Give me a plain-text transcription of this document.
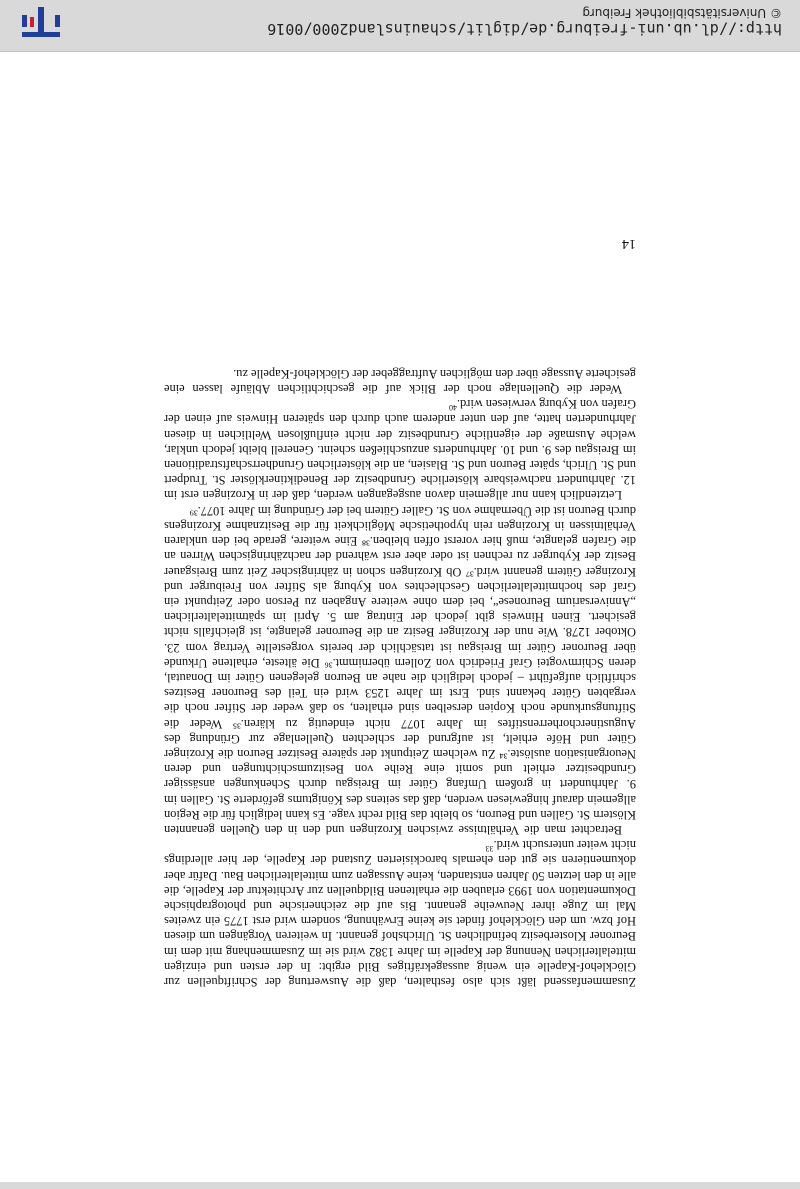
Zusammenfassend läßt sich also festhalten, daß die Auswertung der Schriftquellen zur Glöcklehof-Kapelle ein wenig aussagekräftiges Bild ergibt: In der ersten und einzigen mittelalterlichen Nennung der Kapelle im Jahre 1382 wird sie im Zusammenhang mit dem im Beuroner Klosterbesitz befindlichen St. Ulrichshof genannt. In weiteren Vorgängen um diesen Hof bzw. um den Glöcklehof findet sie keine Erwähnung, sondern wird erst 1775 ein zweites Mal im Zuge ihrer Neuweihe genannt. Bis auf die zeichnerische und photographische Dokumentation von 1993 erlauben die erhaltenen Bildquellen zur Architektur der Kapelle, die alle in den letzten 50 Jahren entstanden, keine Aussagen zum mittelalterlichen Bau. Dafür aber dokumentieren sie gut den ehemals barockisierten Zustand der Kapelle, der hier allerdings nicht weiter untersucht wird.$^{33}$

Betrachtet man die Verhältnisse zwischen Krozingen und den in den Quellen genannten Klöstern St. Gallen und Beuron, so bleibt das Bild recht vage. Es kann lediglich für die Region allgemein darauf hingewiesen werden, daß das seitens des Königtums geförderte St. Gallen im 9. Jahrhundert in großem Umfang Güter im Breisgau durch Schenkungen ansässiger Grundbesitzer erhielt und somit eine Reihe von Besitzumschichtungen und deren Neuorganisation auslöste.³⁴ Zu welchem Zeitpunkt der spätere Besitzer Beuron die Krozinger Güter und Höfe erhielt, ist aufgrund der schlechten Quellenlage zur Gründung des Augustinerchorherrenstiftes im Jahre 1077 nicht eindeutig zu klären.³⁵ Weder die Stiftungsurkunde noch Kopien derselben sind erhalten, so daß weder der Stifter noch die vergabten Güter bekannt sind. Erst im Jahre 1253 wird ein Teil des Beuroner Besitzes schriftlich aufgeführt – jedoch lediglich die nahe an Beuron gelegenen Güter im Donautal, deren Schirmvogtei Graf Friedrich von Zollern übernimmt.³⁶ Die älteste, erhaltene Urkunde über Beuroner Güter im Breisgau ist tatsächlich der bereits vorgestellte Vertrag vom 23. Oktober 1278. Wie nun der Krozinger Besitz an die Beuroner gelangte, ist gleichfalls nicht gesichert. Einen Hinweis gibt jedoch der Eintrag am 5. April im spätmittelalterlichen „Anniversarium Beuronese“, bei dem ohne weitere Angaben zu Person oder Zeitpunkt ein Graf des hochmittelalterlichen Geschlechtes von Kyburg als Stifter von Freiburger und Krozinger Gütern genannt wird.³⁷ Ob Krozingen schon in zähringischer Zeit zum Breisgauer Besitz der Kyburger zu rechnen ist oder aber erst während der nachzähringischen Wirren an die Grafen gelangte, muß hier vorerst offen bleiben.³⁸ Eine weitere, gerade bei den unklaren Verhältnissen in Krozingen rein hypothetische Möglichkeit für die Besitznahme Krozingens durch Beuron ist die Übernahme von St. Galler Gütern bei der Gründung im Jahre 1077.³⁹

Letztendlich kann nur allgemein davon ausgegangen werden, daß der in Krozingen erst im 12. Jahrhundert nachweisbare klösterliche Grundbesitz der Benediktinerklöster St. Trudpert und St. Ulrich, später Beuron und St. Blasien, an die klösterlichen Grundherrschaftstraditionen im Breisgau des 9. und 10. Jahrhunderts anzuschließen scheint. Generell bleibt jedoch unklar, welche Ausmaße der eigentliche Grundbesitz der nicht einflußlosen Weltlichen in diesen Jahrhunderten hatte, auf den unter anderem auch durch den späteren Hinweis auf einen der Grafen von Kyburg verwiesen wird.$^{40}$

Weder die Quellenlage noch der Blick auf die geschichtlichen Abläufe lassen eine gesicherte Aussage über den möglichen Auftraggeber der Glöcklehof-Kapelle zu.

14
http://dl.ub.uni-freiburg.de/diglit/schauinsland2000/0016
© Universitätsbibliothek Freiburg
